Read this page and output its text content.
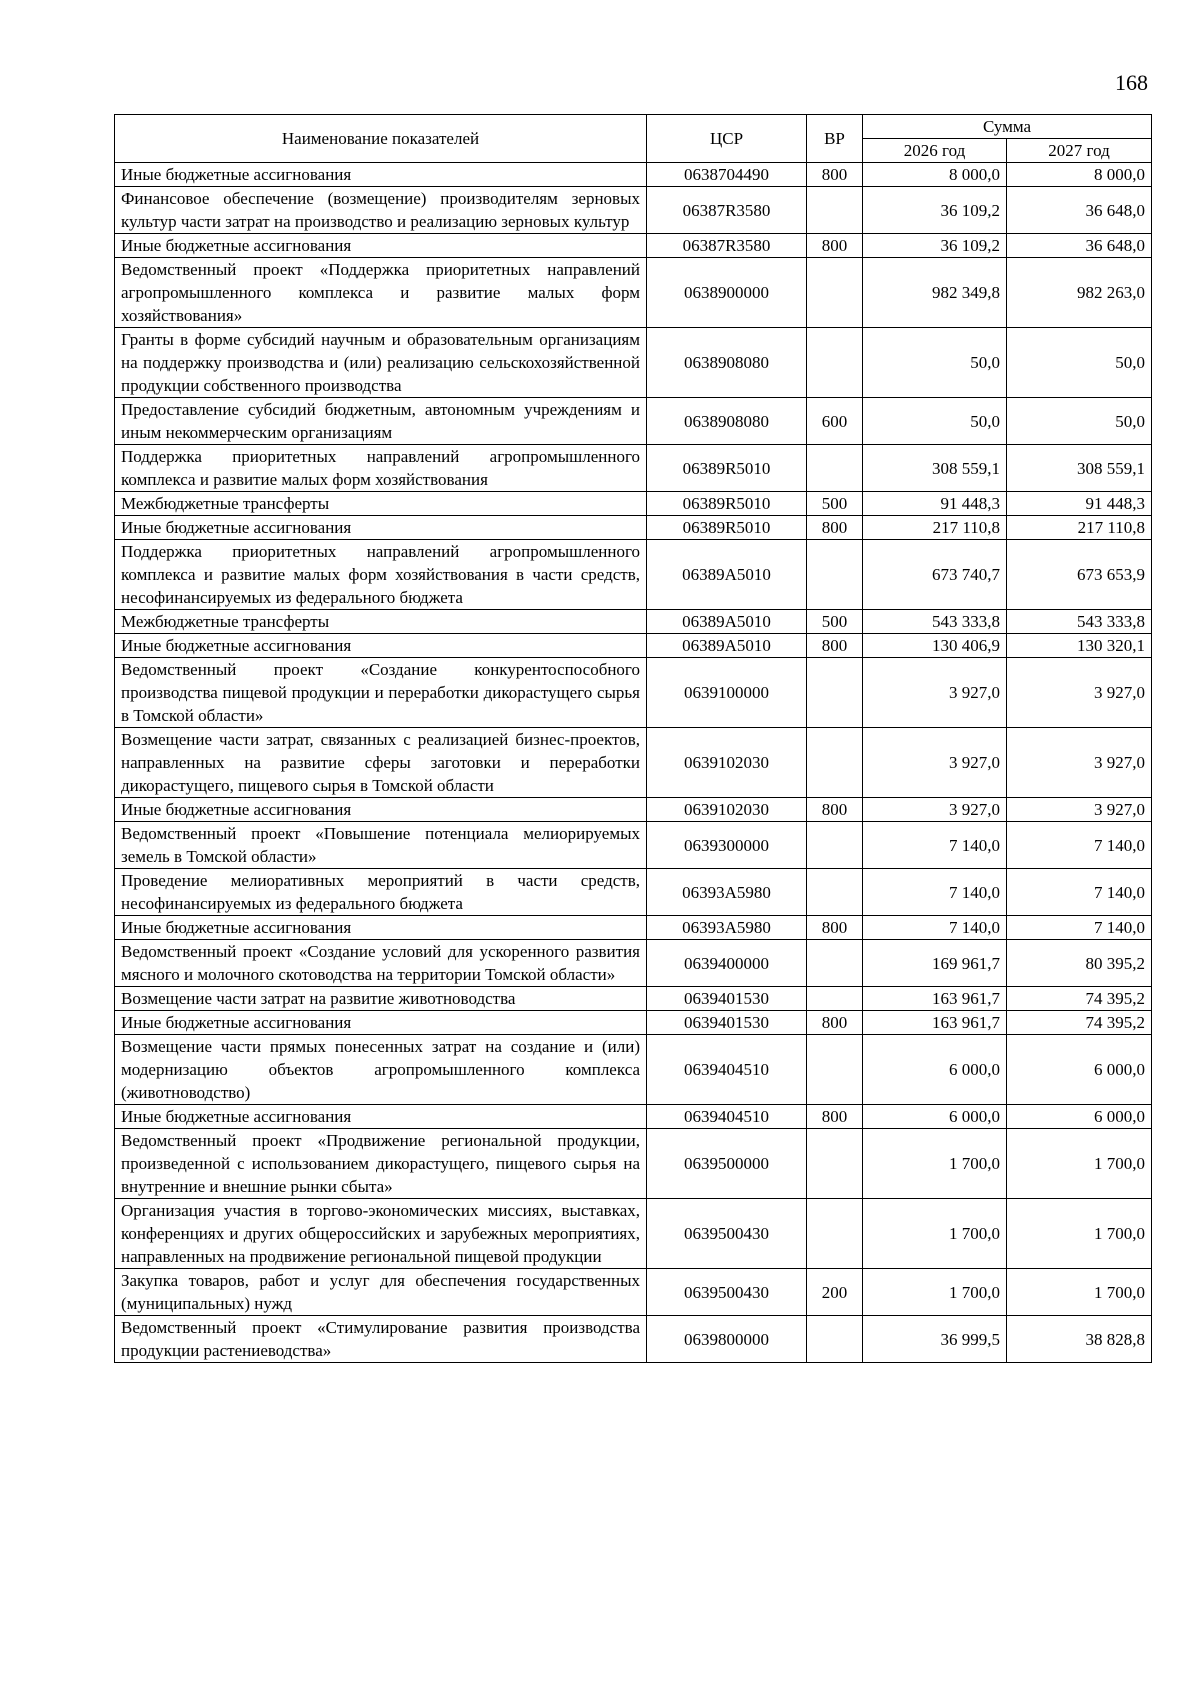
168
Наименование показателей	ЦСР	ВР	Сумма	
			2026 год	2027 год
Иные бюджетные ассигнования	0638704490	800	8 000,0	8 000,0
Финансовое обеспечение (возмещение) производителям зерновых культур части затрат на производство и реализацию зерновых культур	06387R3580		36 109,2	36 648,0
Иные бюджетные ассигнования	06387R3580	800	36 109,2	36 648,0
Ведомственный проект «Поддержка приоритетных направлений агропромышленного комплекса и развитие малых форм хозяйствования»	0638900000		982 349,8	982 263,0
Гранты в форме субсидий научным и образовательным организациям на поддержку производства и (или) реализацию сельскохозяйственной продукции собственного производства	0638908080		50,0	50,0
Предоставление субсидий бюджетным, автономным учреждениям и иным некоммерческим организациям	0638908080	600	50,0	50,0
Поддержка приоритетных направлений агропромышленного комплекса и развитие малых форм хозяйствования	06389R5010		308 559,1	308 559,1
Межбюджетные трансферты	06389R5010	500	91 448,3	91 448,3
Иные бюджетные ассигнования	06389R5010	800	217 110,8	217 110,8
Поддержка приоритетных направлений агропромышленного комплекса и развитие малых форм хозяйствования в части средств, несофинансируемых из федерального бюджета	06389A5010		673 740,7	673 653,9
Межбюджетные трансферты	06389A5010	500	543 333,8	543 333,8
Иные бюджетные ассигнования	06389A5010	800	130 406,9	130 320,1
Ведомственный проект «Создание конкурентоспособного производства пищевой продукции и переработки дикорастущего сырья в Томской области»	0639100000		3 927,0	3 927,0
Возмещение части затрат, связанных с реализацией бизнес-проектов, направленных на развитие сферы заготовки и переработки дикорастущего, пищевого сырья в Томской области	0639102030		3 927,0	3 927,0
Иные бюджетные ассигнования	0639102030	800	3 927,0	3 927,0
Ведомственный проект «Повышение потенциала мелиорируемых земель в Томской области»	0639300000		7 140,0	7 140,0
Проведение мелиоративных мероприятий в части средств, несофинансируемых из федерального бюджета	06393A5980		7 140,0	7 140,0
Иные бюджетные ассигнования	06393A5980	800	7 140,0	7 140,0
Ведомственный проект «Создание условий для ускоренного развития мясного и молочного скотоводства на территории Томской области»	0639400000		169 961,7	80 395,2
Возмещение части затрат на развитие животноводства	0639401530		163 961,7	74 395,2
Иные бюджетные ассигнования	0639401530	800	163 961,7	74 395,2
Возмещение части прямых понесенных затрат на создание и (или) модернизацию объектов агропромышленного комплекса (животноводство)	0639404510		6 000,0	6 000,0
Иные бюджетные ассигнования	0639404510	800	6 000,0	6 000,0
Ведомственный проект «Продвижение региональной продукции, произведенной с использованием дикорастущего, пищевого сырья на внутренние и внешние рынки сбыта»	0639500000		1 700,0	1 700,0
Организация участия в торгово-экономических миссиях, выставках, конференциях и других общероссийских и зарубежных мероприятиях, направленных на продвижение региональной пищевой продукции	0639500430		1 700,0	1 700,0
Закупка товаров, работ и услуг для обеспечения государственных (муниципальных) нужд	0639500430	200	1 700,0	1 700,0
Ведомственный проект «Стимулирование развития производства продукции растениеводства»	0639800000		36 999,5	38 828,8
